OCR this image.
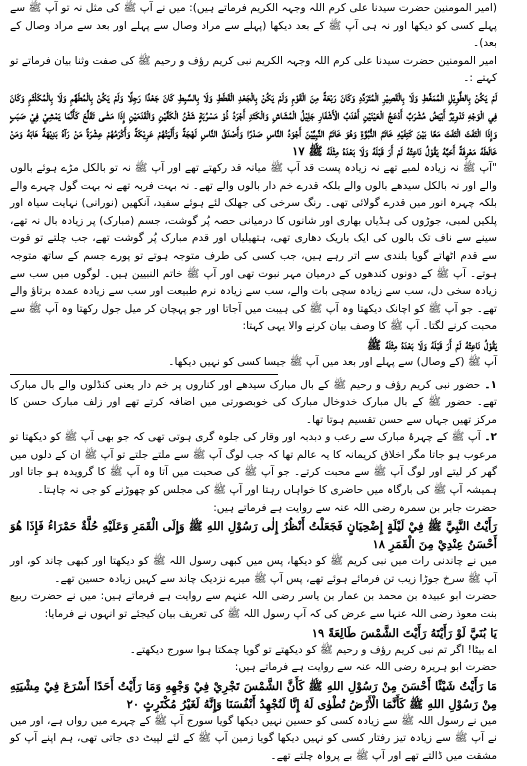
(امیر المومنین حضرت سیدنا علی کرم اللہ وجہہ الکریم فرماتے ہیں): میں نے آپ ﷺ کی مثل نہ تو آپ ﷺ سے پہلے کسی کو دیکھا اور نہ ہی آپ ﷺ کے بعد دیکھا (پہلے سے مراد وصال سے پہلے اور بعد سے مراد وصال کے بعد)۔

امیر المومنین حضرت سیدنا علی کرم اللہ وجہہ الکریم نبی کریم رؤف و رحیم ﷺ کی صفت وثنا بیان فرماتے تو کہتے :۔

لَمْ يَكُنْ بِالطَّوِيْلِ الْمُمَغَّطِ وَلَا بِالْقَصِيْرِ الْمُتَرَدِّدِ وَكَانَ رَبْعَةً مِنَ الْقَوْمِ وَلَمْ يَكُنْ بِالْجَعْدِ الْقَطَطِ وَلَا بِالسَّبِطِ كَانَ جَعْدًا رَجِلًا وَلَمْ يَكُنْ بِالْمُطَهَّمِ وَلَا بِالْمُكَلْثَمِ وَكَانَ فِي الْوَجْهِ تَدْوِيْرٌ أَبْيَضُ مُشْرَبٌ أَدْعَجُ الْعَيْنَيْنِ أَهْدَبُ الْأَشْفَارِ جَلِيْلُ الْمُشَاشِ وَالْكَتَدِ أَجْرَدُ ذُوْ مَسْرُبَةٍ شَثْنُ الْكَفَّيْنِ وَالْقَدَمَيْنِ إِذَا مَشٰى تَقَلَّعَ كَأَنَّمَا يَمْشِيْ فِيْ صَبَبٍ وَإِذَا الْتَفَتَ الْتَفَتَ مَعًا بَيْنَ كَتِفَيْهِ خَاتَمُ النُّبُوَّةِ وَهُوَ خَاتَمُ النَّبِيِّيْنَ أَجْوَدُ النَّاسِ صَدْرًا وَأَصْدَقُ النَّاسِ لَهْجَةً وَأَلْيَنُهُمْ عَرِيْكَةً وَأَكْرَمُهُمْ عِشْرَةً مَنْ رَآهُ بَدِيْهَةً هَابَهُ وَمَنْ خَالَطَهُ مَعْرِفَةً أَحَبَّهُ يَقُوْلُ نَاعِتُهُ لَمْ أَرَ قَبْلَهُ وَلَا بَعْدَهُ مِثْلَهُ ﷺ ۱۷

"آپ ﷺ نہ زیادہ لمبے تھے نہ زیادہ پست قد آپ ﷺ میانہ قد رکھتے تھے اور آپ ﷺ نہ تو بالکل مڑے ہوئے بالوں والے اور نہ بالکل سیدھے بالوں والے بلکہ قدرے خم دار بالوں والے تھے۔ نہ بہت فربہ تھے نہ بہت گول چہرے والے بلکہ چہرہ انور میں قدرے گولائی تھی۔ رنگ سرخی کی جھلک لئے ہوئے سفید، آنکھیں (نورانی) نہایت سیاہ اور پلکیں لمبی، جوڑوں کی ہڈیاں بھاری اور شانوں کا درمیانی حصہ پُر گوشت، جسم (مبارک) پر زیادہ بال نہ تھے، سینے سے ناف تک بالوں کی ایک باریک دھاری تھی، ہتھیلیاں اور قدم مبارک پُر گوشت تھے، جب چلتے تو قوت سے قدم اٹھاتے گویا بلندی سے اتر رہے ہیں، جب کسی کی طرف متوجہ ہوتے تو پورے جسم کے ساتھ متوجہ ہوتے۔ آپ ﷺ کے دونوں کندھوں کے درمیان مہر نبوت تھی اور آپ ﷺ خاتم النبیین ہیں۔ لوگوں میں سب سے زیادہ سخی دل، سب سے زیادہ سچی بات والے، سب سے زیادہ نرم طبیعت اور سب سے زیادہ عمدہ برتاؤ والے تھے۔ جو آپ ﷺ کو اچانک دیکھتا وہ آپ ﷺ کی ہیبت میں آجاتا اور جو پہچان کر میل جول رکھتا وہ آپ ﷺ سے محبت کرنے لگتا۔ آپ ﷺ کا وصف بیان کرنے والا یہی کہتا:

يَقُوْلُ نَاعِتُهُ لَمْ أَرَ قَبْلَهُ وَلَا بَعْدَهُ مِثْلَهُ ﷺ

آپ ﷺ (کے وصال) سے پہلے اور بعد میں آپ ﷺ جیسا کسی کو نہیں دیکھا۔

۱۔ حضور نبی کریم رؤف و رحیم ﷺ کے بال مبارک سیدھے اور کناروں پر خم دار یعنی کنڈلوں والے بال مبارک تھے۔ حضور ﷺ کے بال مبارک خدوخال مبارک کی خوبصورتی میں اضافہ کرتے تھے اور زلف مبارک حسن کا مرکز تھیں جہاں سے حسن تقسیم ہوتا تھا۔

۲۔ آپ ﷺ کے چہرۂ مبارک سے رعب و دبدبہ اور وقار کی جلوہ گری ہوتی تھی کہ جو بھی آپ ﷺ کو دیکھتا تو مرعوب ہو جاتا مگر اخلاق کریمانہ کا یہ عالم تھا کہ جب لوگ آپ ﷺ سے ملتے جلتے تو آپ ﷺ ان کے دلوں میں گھر کر لیتے اور لوگ آپ ﷺ سے محبت کرتے۔ جو آپ ﷺ کی صحبت میں آتا وہ آپ ﷺ کا گرویدہ ہو جاتا اور ہمیشہ آپ ﷺ کی بارگاہ میں حاضری کا خواہاں رہتا اور آپ ﷺ کی مجلس کو چھوڑنے کو جی نہ چاہتا۔

حضرت جابر بن سمرہ رضی اللہ عنہ سے روایت ہے فرماتے ہیں:

رَأَيْتُ النَّبِيَّ ﷺ فِيْ لَيْلَةٍ إِضْحِيَانٍ فَجَعَلْتُ أَنْظُرُ إِلٰى رَسُوْلِ اللهِ ﷺ وَإِلَى الْقَمَرِ وَعَلَيْهِ حُلَّةٌ حَمْرَاءُ فَإِذَا هُوَ أَحْسَنُ عِنْدِيْ مِنَ الْقَمَرِ ۱۸

میں نے چاندنی رات میں نبی کریم ﷺ کو دیکھا، پس میں کبھی رسول اللہ ﷺ کو دیکھتا اور کبھی چاند کو، اور آپ ﷺ سرخ جوڑا زیب تن فرمائے ہوئے تھے، پس آپ ﷺ میرے نزدیک چاند سے کہیں زیادہ حسین تھے۔

حضرت ابو عبیدہ بن محمد بن عمار بن یاسر رضی اللہ عنہم سے روایت ہے فرماتے ہیں: میں نے حضرت ربیع بنت معوذ رضی اللہ عنہا سے عرض کی کہ آپ رسول اللہ ﷺ کی تعریف بیان کیجئے تو انہوں نے فرمایا:

يَا بُنَيَّ لَوْ رَأَيْتَهُ رَأَيْتَ الشَّمْسَ طَالِعَةً ۱۹

اے بیٹا! اگر تم نبی کریم رؤف و رحیم ﷺ کو دیکھتے تو گویا چمکتا ہوا سورج دیکھتے۔

حضرت ابو ہریرہ رضی اللہ عنہ سے روایت ہے فرماتے ہیں:

مَا رَأَيْتُ شَيْئًا أَحْسَنَ مِنْ رَسُوْلِ اللهِ ﷺ كَأَنَّ الشَّمْسَ تَجْرِيْ فِيْ وَجْهِهِ وَمَا رَأَيْتُ أَحَدًا أَسْرَعَ فِيْ مِشْيَتِهِ مِنْ رَسُوْلِ اللهِ ﷺ كَأَنَّمَا الْأَرْضُ تُطْوٰى لَهُ إِنَّا لَنُجْهِدُ أَنْفُسَنَا وَإِنَّهُ لَغَيْرُ مُكْتَرِثٍ ۲۰

میں نے رسول اللہ ﷺ سے زیادہ کسی کو حسین نہیں دیکھا گویا سورج آپ ﷺ کے چہرے میں رواں ہے، اور میں نے آپ ﷺ سے زیادہ تیز رفتار کسی کو نہیں دیکھا گویا زمین آپ ﷺ کے لئے لپیٹ دی جاتی تھی، ہم اپنے آپ کو مشقت میں ڈالتے تھے اور آپ ﷺ بے پرواہ چلتے تھے۔
